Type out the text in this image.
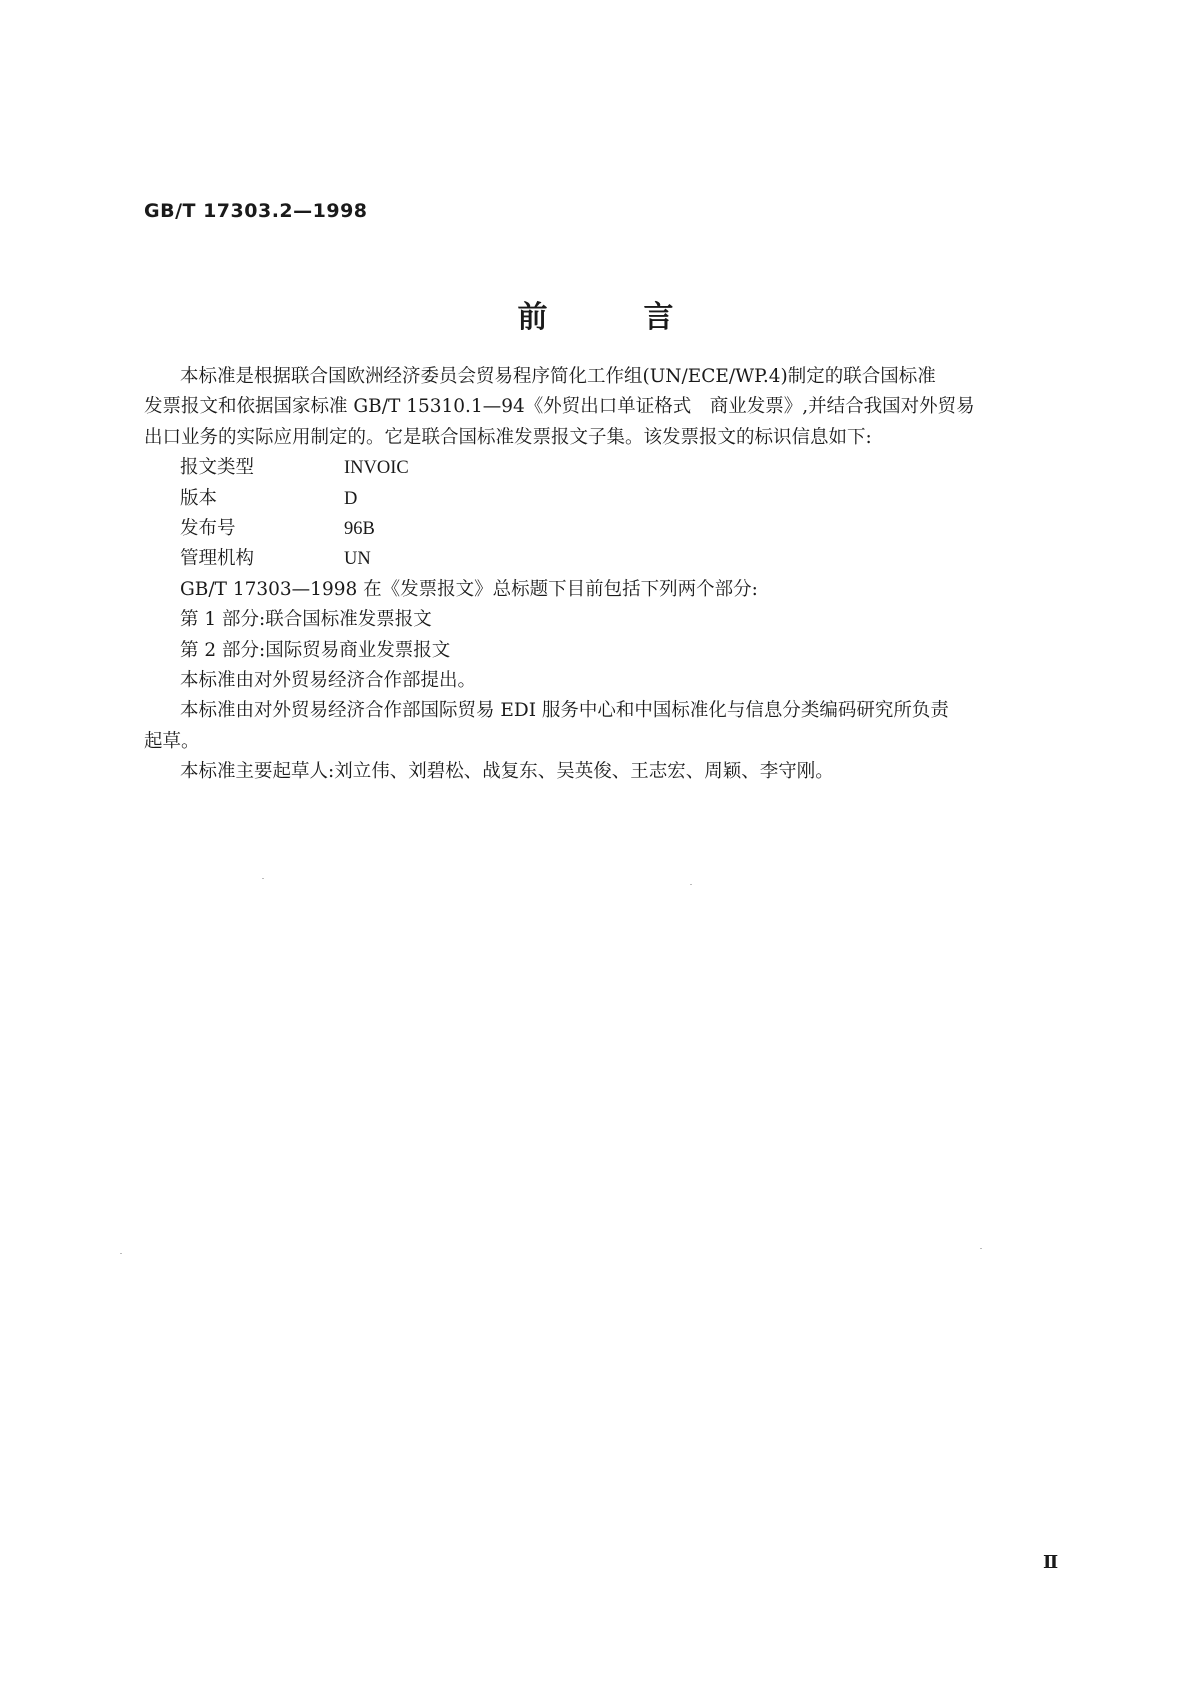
GB/T 17303.2—1998
前	言
本标准是根据联合国欧洲经济委员会贸易程序简化工作组(UN/ECE/WP.4)制定的联合国标准
发票报文和依据国家标准 GB/T 15310.1—94《外贸出口单证格式　商业发票》,并结合我国对外贸易
出口业务的实际应用制定的。它是联合国标准发票报文子集。该发票报文的标识信息如下:
报文类型	INVOIC
版本	D
发布号	96B
管理机构	UN
GB/T 17303—1998 在《发票报文》总标题下目前包括下列两个部分:
第 1 部分:联合国标准发票报文
第 2 部分:国际贸易商业发票报文
本标准由对外贸易经济合作部提出。
本标准由对外贸易经济合作部国际贸易 EDI 服务中心和中国标准化与信息分类编码研究所负责
起草。
本标准主要起草人:刘立伟、刘碧松、战复东、吴英俊、王志宏、周颖、李守刚。
Ⅱ
